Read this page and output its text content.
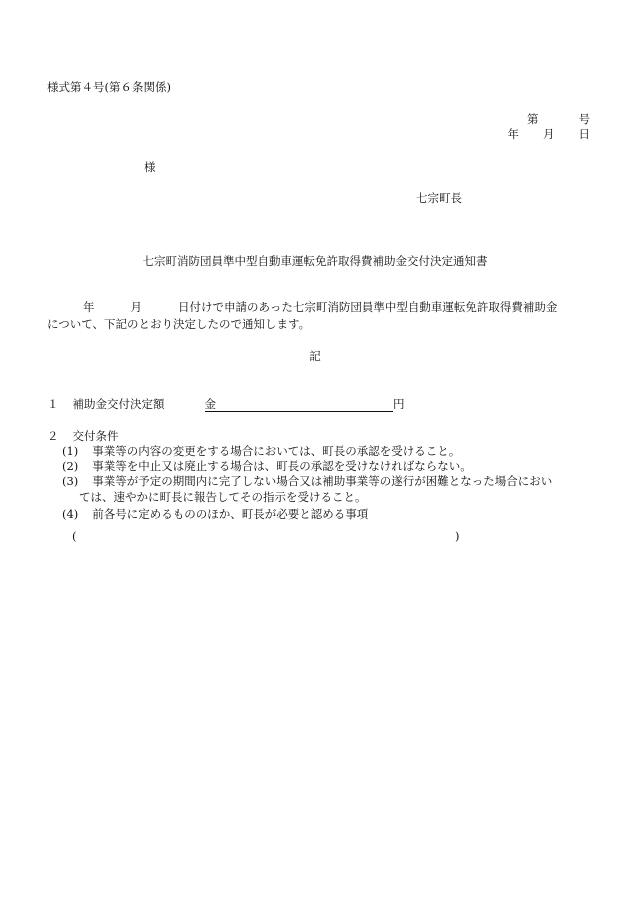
様式第４号(第６条関係)
第	号
年 月 日
様
七宗町長
七宗町消防団員準中型自動車運転免許取得費補助金交付決定通知書
年	月	日付けで申請のあった七宗町消防団員準中型自動車運転免許取得費補助金
について、下記のとおり決定したので通知します。
記
１ 補助金交付決定額	金	円
２ 交付条件
(1) 事業等の内容の変更をする場合においては、町長の承認を受けること。
(2) 事業等を中止又は廃止する場合は、町長の承認を受けなければならない。
(3) 事業等が予定の期間内に完了しない場合又は補助事業等の遂行が困難となった場合におい
ては、速やかに町長に報告してその指示を受けること。
(4) 前各号に定めるもののほか、町長が必要と認める事項
(	)
